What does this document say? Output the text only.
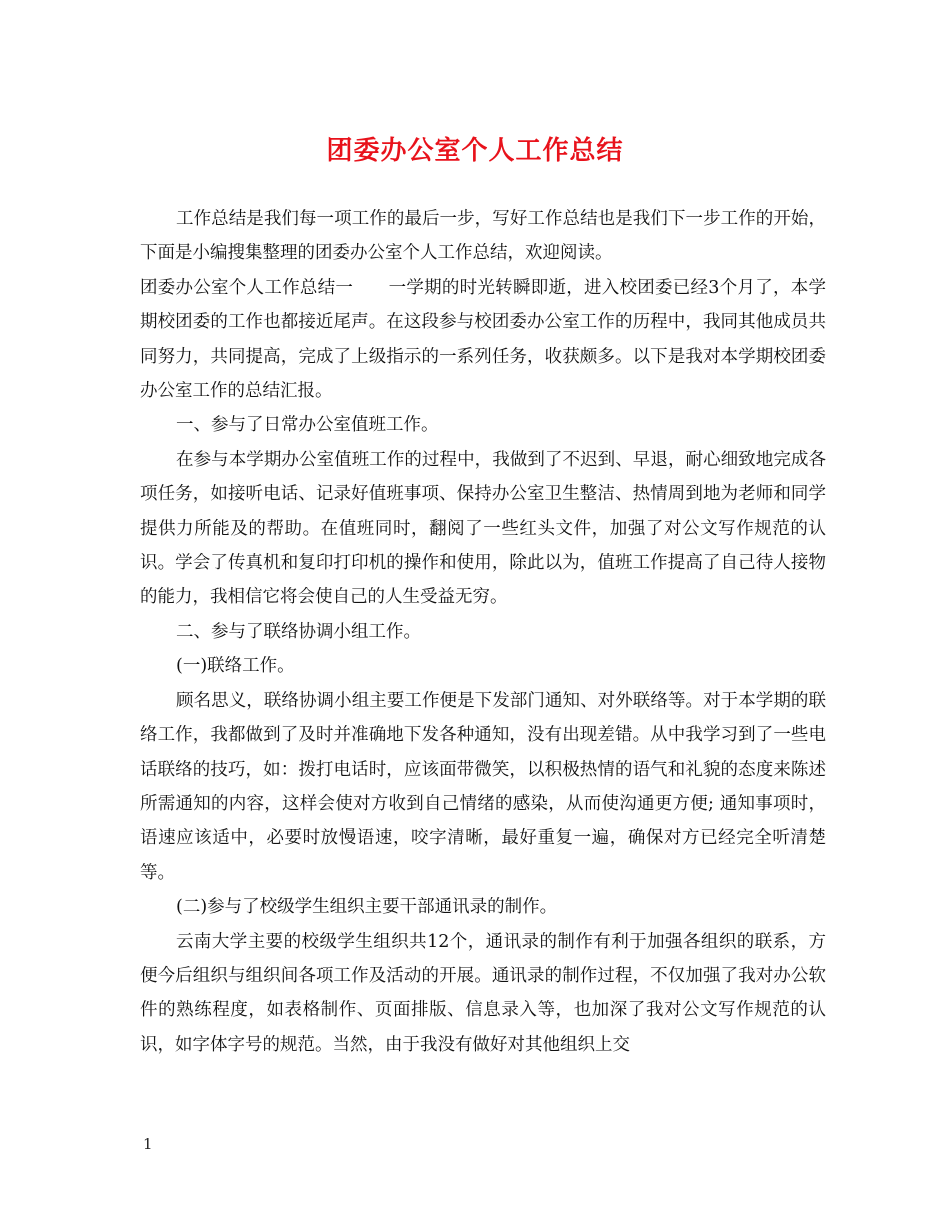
团委办公室个人工作总结

工作总结是我们每一项工作的最后一步，写好工作总结也是我们下一步工作的开始，下面是小编搜集整理的团委办公室个人工作总结，欢迎阅读。

团委办公室个人工作总结一　　一学期的时光转瞬即逝，进入校团委已经3个月了，本学期校团委的工作也都接近尾声。在这段参与校团委办公室工作的历程中，我同其他成员共同努力，共同提高，完成了上级指示的一系列任务，收获颇多。以下是我对本学期校团委办公室工作的总结汇报。

一、参与了日常办公室值班工作。

在参与本学期办公室值班工作的过程中，我做到了不迟到、早退，耐心细致地完成各项任务，如接听电话、记录好值班事项、保持办公室卫生整洁、热情周到地为老师和同学提供力所能及的帮助。在值班同时，翻阅了一些红头文件，加强了对公文写作规范的认识。学会了传真机和复印打印机的操作和使用，除此以为，值班工作提高了自己待人接物的能力，我相信它将会使自己的人生受益无穷。

二、参与了联络协调小组工作。

(一)联络工作。

顾名思义，联络协调小组主要工作便是下发部门通知、对外联络等。对于本学期的联络工作，我都做到了及时并准确地下发各种通知，没有出现差错。从中我学习到了一些电话联络的技巧，如：拨打电话时，应该面带微笑，以积极热情的语气和礼貌的态度来陈述所需通知的内容，这样会使对方收到自己情绪的感染，从而使沟通更方便; 通知事项时，语速应该适中，必要时放慢语速，咬字清晰，最好重复一遍，确保对方已经完全听清楚等。

(二)参与了校级学生组织主要干部通讯录的制作。

云南大学主要的校级学生组织共12个，通讯录的制作有利于加强各组织的联系，方便今后组织与组织间各项工作及活动的开展。通讯录的制作过程，不仅加强了我对办公软件的熟练程度，如表格制作、页面排版、信息录入等，也加深了我对公文写作规范的认识，如字体字号的规范。当然，由于我没有做好对其他组织上交

1
